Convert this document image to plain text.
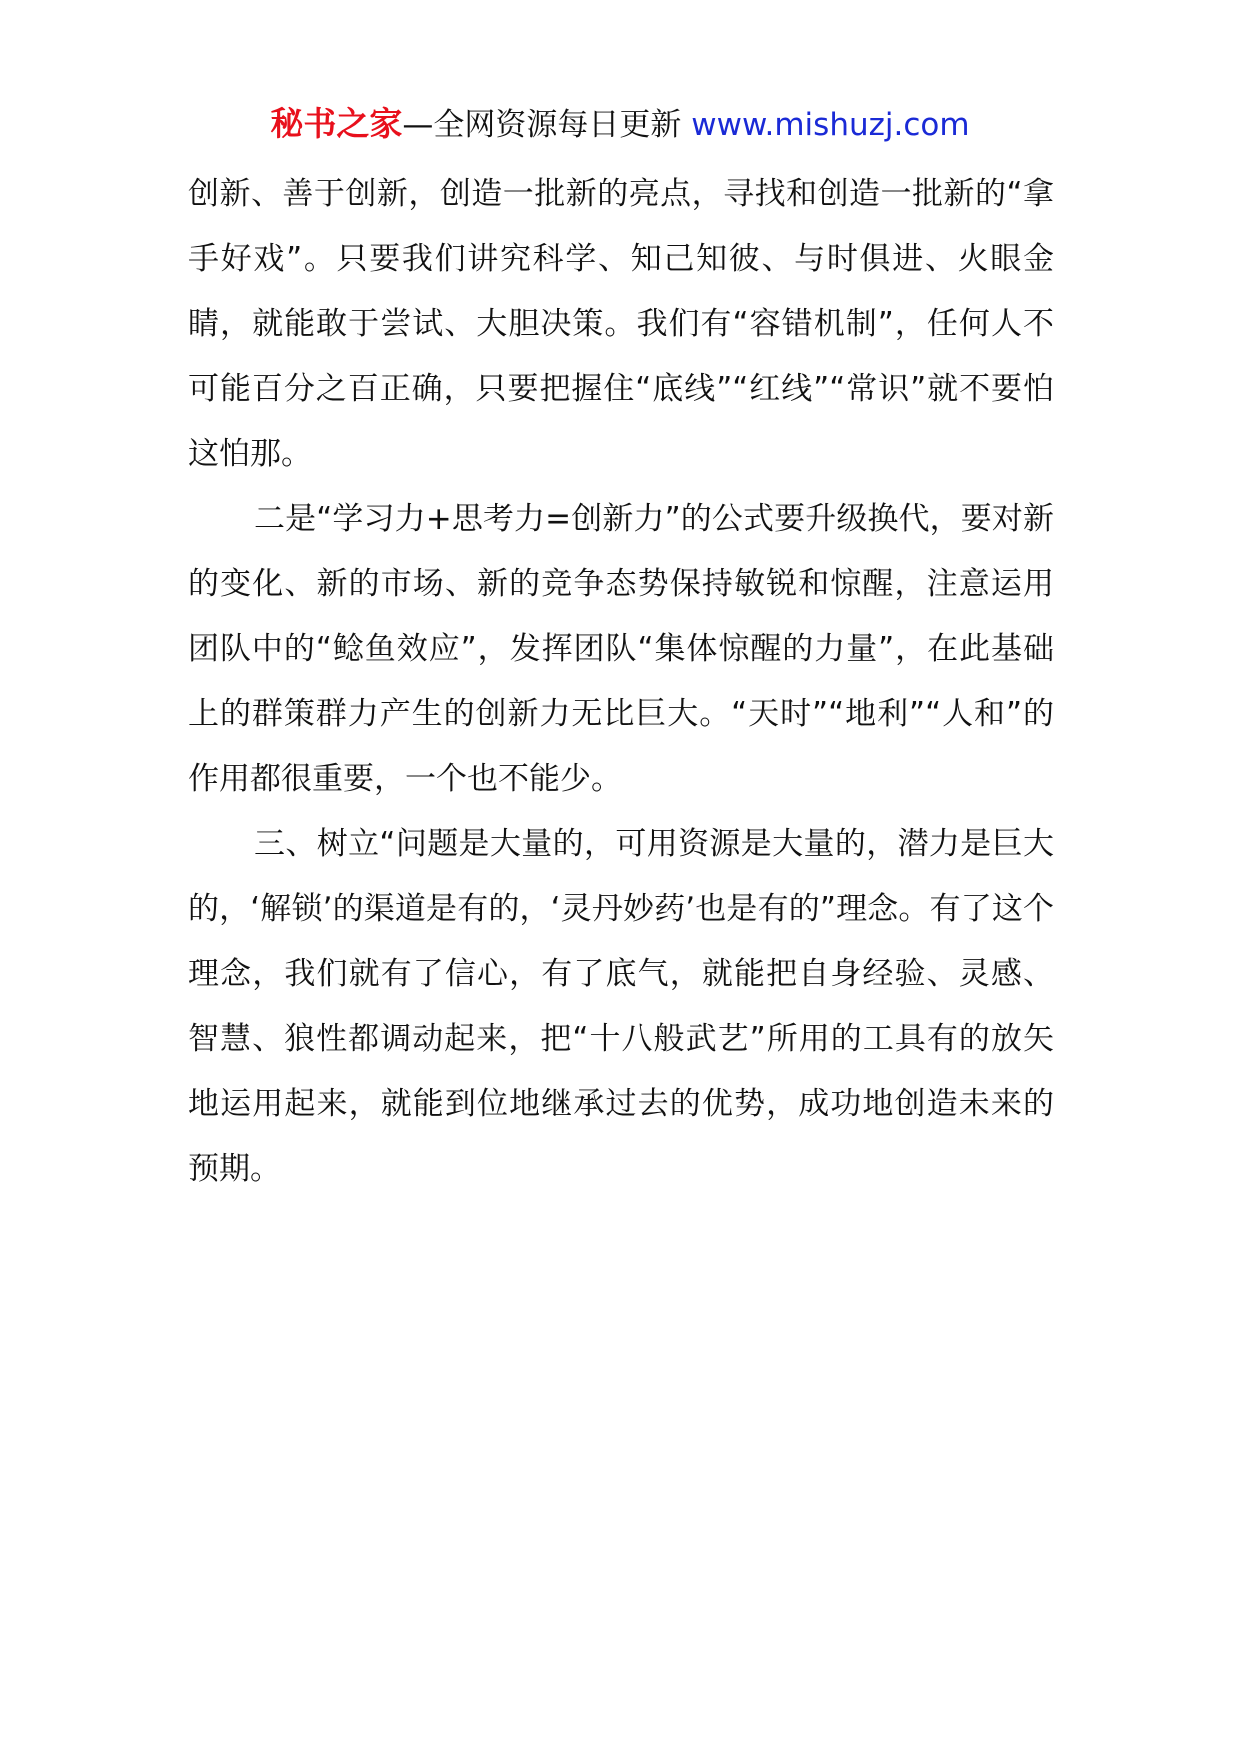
秘书之家—全网资源每日更新 www.mishuzj.com

创新、善于创新，创造一批新的亮点，寻找和创造一批新的“拿手好戏”。只要我们讲究科学、知己知彼、与时俱进、火眼金睛，就能敢于尝试、大胆决策。我们有“容错机制”，任何人不可能百分之百正确，只要把握住“底线”“红线”“常识”就不要怕这怕那。

二是“学习力+思考力=创新力”的公式要升级换代，要对新的变化、新的市场、新的竞争态势保持敏锐和惊醒，注意运用团队中的“鲶鱼效应”，发挥团队“集体惊醒的力量”，在此基础上的群策群力产生的创新力无比巨大。“天时”“地利”“人和”的作用都很重要，一个也不能少。

三、树立“问题是大量的，可用资源是大量的，潜力是巨大的，‘解锁’的渠道是有的，‘灵丹妙药’也是有的”理念。有了这个理念，我们就有了信心，有了底气，就能把自身经验、灵感、智慧、狼性都调动起来，把“十八般武艺”所用的工具有的放矢地运用起来，就能到位地继承过去的优势，成功地创造未来的预期。
